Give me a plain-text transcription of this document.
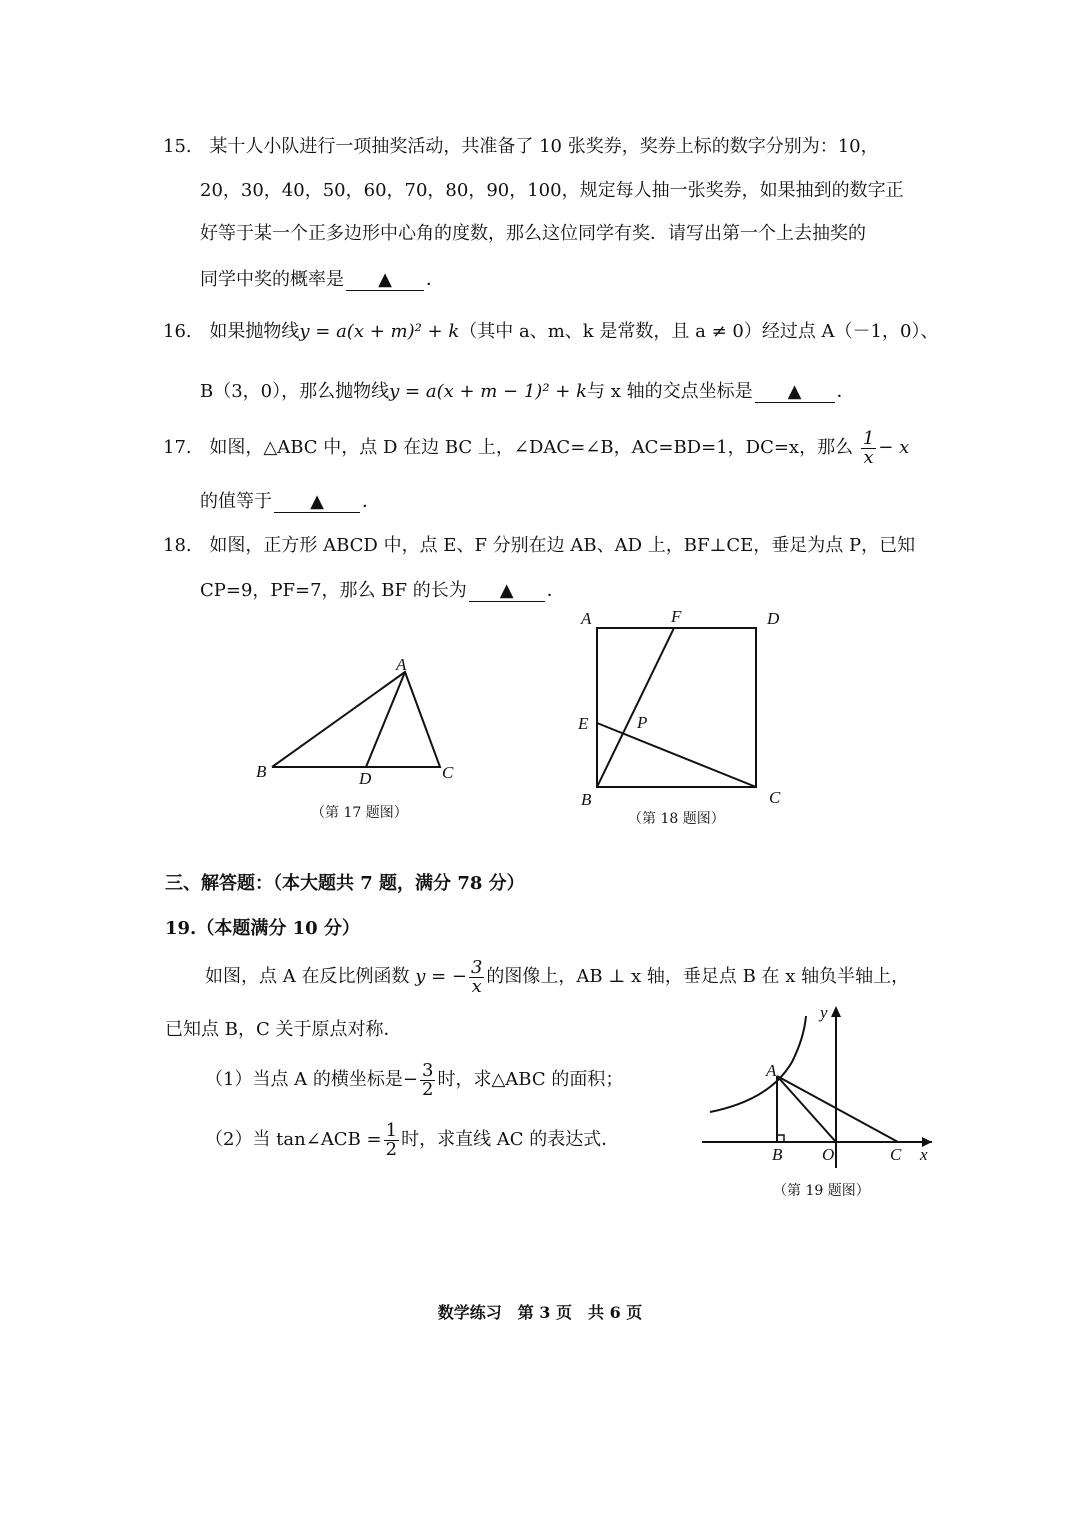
15. 某十人小队进行一项抽奖活动，共准备了 10 张奖券，奖券上标的数字分别为：10，
20，30，40，50，60，70，80，90，100，规定每人抽一张奖券，如果抽到的数字正
好等于某一个正多边形中心角的度数，那么这位同学有奖．请写出第一个上去抽奖的
同学中奖的概率是 ▲ ．
16. 如果抛物线y = a(x + m)² + k（其中 a、m、k 是常数，且 a ≠ 0）经过点 A（－1，0）、
B（3，0），那么抛物线y = a(x + m − 1)² + k与 x 轴的交点坐标是 ▲ ．
17. 如图，△ABC 中，点 D 在边 BC 上，∠DAC=∠B，AC=BD=1，DC=x，那么 $\frac{1}{x} - x$
的值等于 ▲ ．
18. 如图，正方形 ABCD 中，点 E、F 分别在边 AB、AD 上，BF⊥CE，垂足为点 P，已知
CP=9，PF=7，那么 BF 的长为 ▲ ．
A
B	C
D
（第 17 题图）
A	F	D
E	P
B	C
（第 18 题图）
三、解答题：（本大题共 7 题，满分 78 分）
19.（本题满分 10 分）
如图，点 A 在反比例函数 y = − $\frac{3}{x}$ 的图像上，AB ⊥ x 轴，垂足点 B 在 x 轴负半轴上，
已知点 B，C 关于原点对称．
（1）当点 A 的横坐标是− $\frac{3}{2}$ 时，求△ABC 的面积；
（2）当 tan∠ACB = $\frac{1}{2}$ 时，求直线 AC 的表达式．
A
B O	C x
y
（第 19 题图）
数学练习　第 3 页　共 6 页
